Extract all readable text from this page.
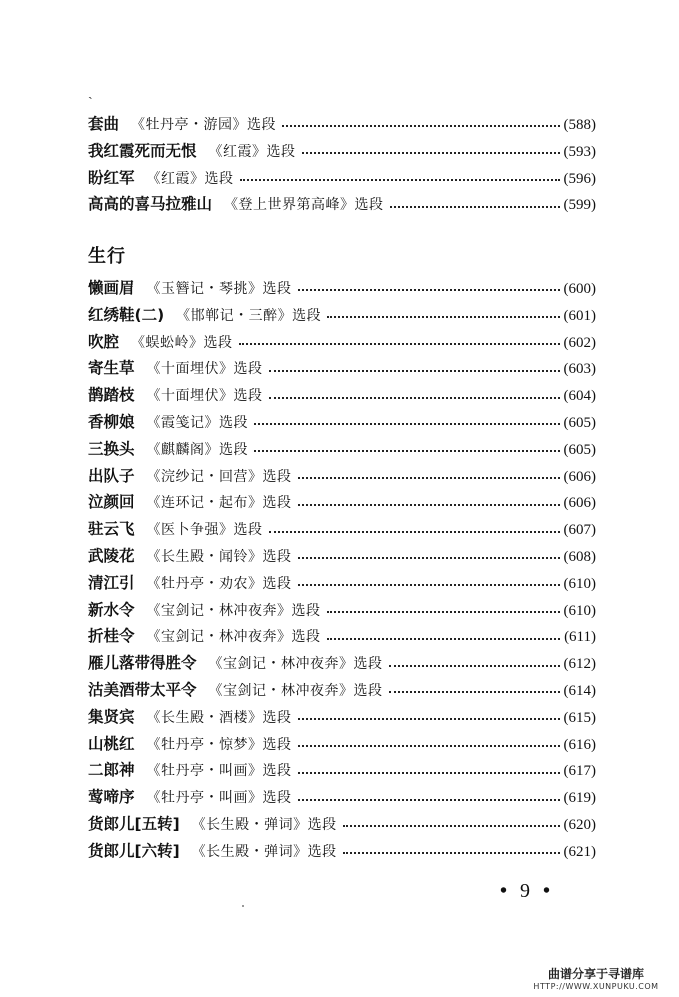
ˎ
套曲 《牡丹亭・游园》选段	(588)
我红霞死而无恨 《红霞》选段	(593)
盼红军 《红霞》选段	(596)
高高的喜马拉雅山 《登上世界第高峰》选段	(599)
生行
懒画眉 《玉簪记・琴挑》选段	(600)
红绣鞋(二) 《邯郸记・三醉》选段	(601)
吹腔 《蜈蚣岭》选段	(602)
寄生草 《十面埋伏》选段	(603)
鹊踏枝 《十面埋伏》选段	(604)
香柳娘 《霞笺记》选段	(605)
三换头 《麒麟阁》选段	(605)
出队子 《浣纱记・回营》选段	(606)
泣颜回 《连环记・起布》选段	(606)
驻云飞 《医卜争强》选段	(607)
武陵花 《长生殿・闻铃》选段	(608)
清江引 《牡丹亭・劝农》选段	(610)
新水令 《宝剑记・林冲夜奔》选段	(610)
折桂令 《宝剑记・林冲夜奔》选段	(611)
雁儿落带得胜令 《宝剑记・林冲夜奔》选段	(612)
沽美酒带太平令 《宝剑记・林冲夜奔》选段	(614)
集贤宾 《长生殿・酒楼》选段	(615)
山桃红 《牡丹亭・惊梦》选段	(616)
二郎神 《牡丹亭・叫画》选段	(617)
莺啼序 《牡丹亭・叫画》选段	(619)
货郎儿[五转] 《长生殿・弹词》选段	(620)
货郎儿[六转] 《长生殿・弹词》选段	(621)
• 9 •
曲谱分享于寻谱库
HTTP://WWW.XUNPUKU.COM
